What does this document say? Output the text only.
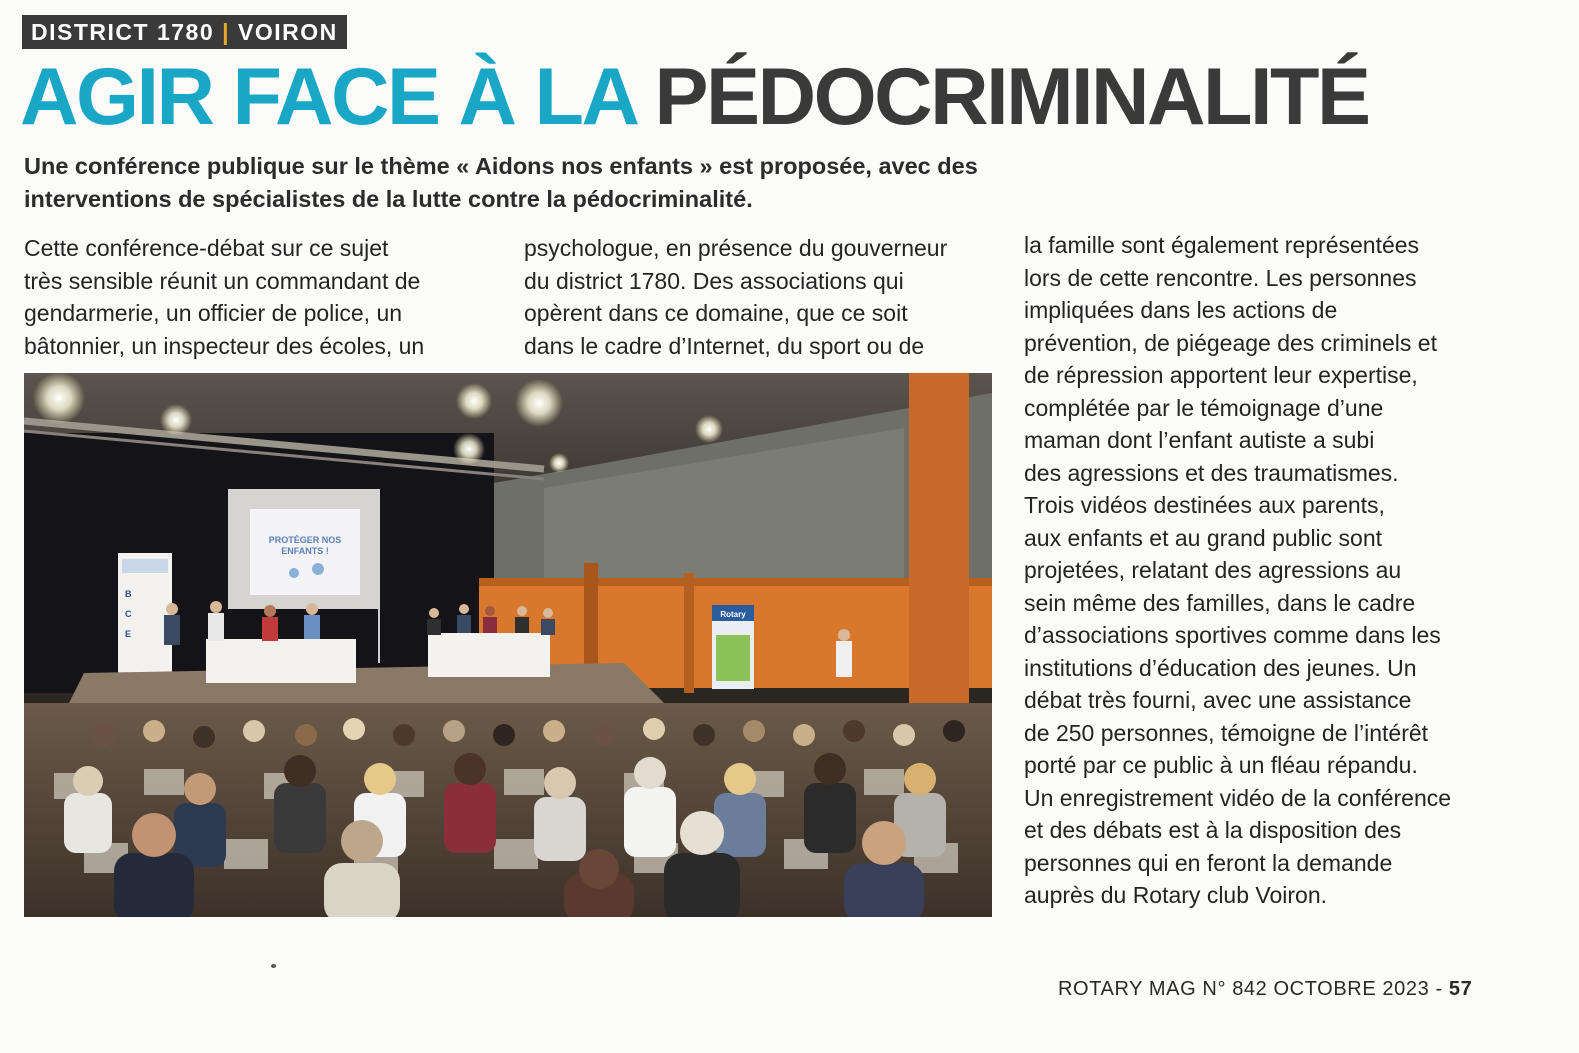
DISTRICT 1780 | VOIRON
AGIR FACE À LA PÉDOCRIMINALITÉ

Une conférence publique sur le thème « Aidons nos enfants » est proposée, avec des interventions de spécialistes de la lutte contre la pédocriminalité.

Cette conférence-débat sur ce sujet
très sensible réunit un commandant de
gendarmerie, un officier de police, un
bâtonnier, un inspecteur des écoles, un
psychologue, en présence du gouverneur
du district 1780. Des associations qui
opèrent dans ce domaine, que ce soit
dans le cadre d’Internet, du sport ou de
la famille sont également représentées
lors de cette rencontre. Les personnes
impliquées dans les actions de
prévention, de piégeage des criminels et
de répression apportent leur expertise,
complétée par le témoignage d’une
maman dont l’enfant autiste a subi
des agressions et des traumatismes.
Trois vidéos destinées aux parents,
aux enfants et au grand public sont
projetées, relatant des agressions au
sein même des familles, dans le cadre
d’associations sportives comme dans les
institutions d’éducation des jeunes. Un
débat très fourni, avec une assistance
de 250 personnes, témoigne de l’intérêt
porté par ce public à un fléau répandu.
Un enregistrement vidéo de la conférence
et des débats est à la disposition des
personnes qui en feront la demande
auprès du Rotary club Voiron.
PROTÉGER NOS
ENFANTS !
B
C
E
Rotary
ROTARY MAG N° 842 OCTOBRE 2023 - 57
